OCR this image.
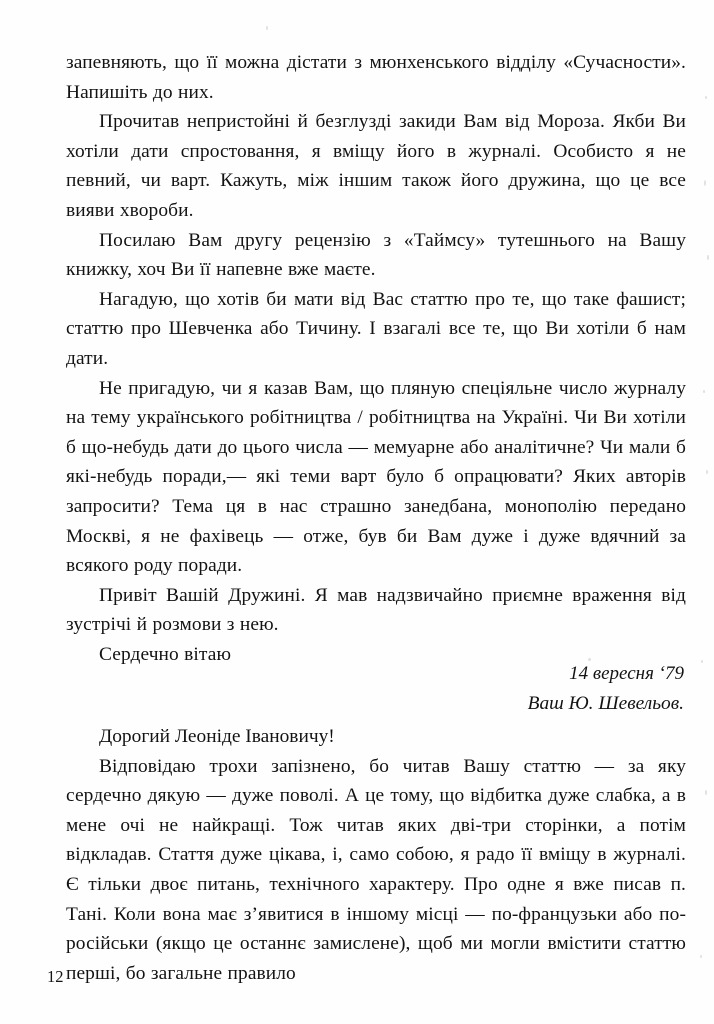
запевняють, що її можна дістати з мюнхенського відділу «Сучасности». Напишіть до них.

Прочитав непристойні й безглузді закиди Вам від Мороза. Якби Ви хотіли дати спростовання, я вміщу його в журналі. Особисто я не певний, чи варт. Кажуть, між іншим також його дружина, що це все вияви хвороби.

Посилаю Вам другу рецензію з «Таймсу» тутешнього на Вашу книжку, хоч Ви її напевне вже маєте.

Нагадую, що хотів би мати від Вас статтю про те, що таке фашист; статтю про Шевченка або Тичину. І взагалі все те, що Ви хотіли б нам дати.

Не пригадую, чи я казав Вам, що пляную спеціяльне число журналу на тему українського робітництва / робітництва на Україні. Чи Ви хотіли б що-небудь дати до цього числа — мемуарне або аналітичне? Чи мали б які-небудь поради,— які теми варт було б опрацювати? Яких авторів запросити? Тема ця в нас страшно занедбана, монополію передано Москві, я не фахівець — отже, був би Вам дуже і дуже вдячний за всякого роду поради.

Привіт Вашій Дружині. Я мав надзвичайно приємне враження від зустрічі й розмови з нею.

Сердечно вітаю

Ваш Ю. Шевельов.

14 вересня ‘79

Дорогий Леоніде Івановичу!

Відповідаю трохи запізнено, бо читав Вашу статтю — за яку сердечно дякую — дуже поволі. А це тому, що відбитка дуже слабка, а в мене очі не найкращі. Тож читав яких дві-три сторінки, а потім відкладав. Стаття дуже цікава, і, само собою, я радо її вміщу в журналі. Є тільки двоє питань, технічного характеру. Про одне я вже писав п. Тані. Коли вона має з’явитися в іншому місці — по-французьки або по-російськи (якщо це останнє замислене), щоб ми могли вмістити статтю перші, бо загальне правило

12
